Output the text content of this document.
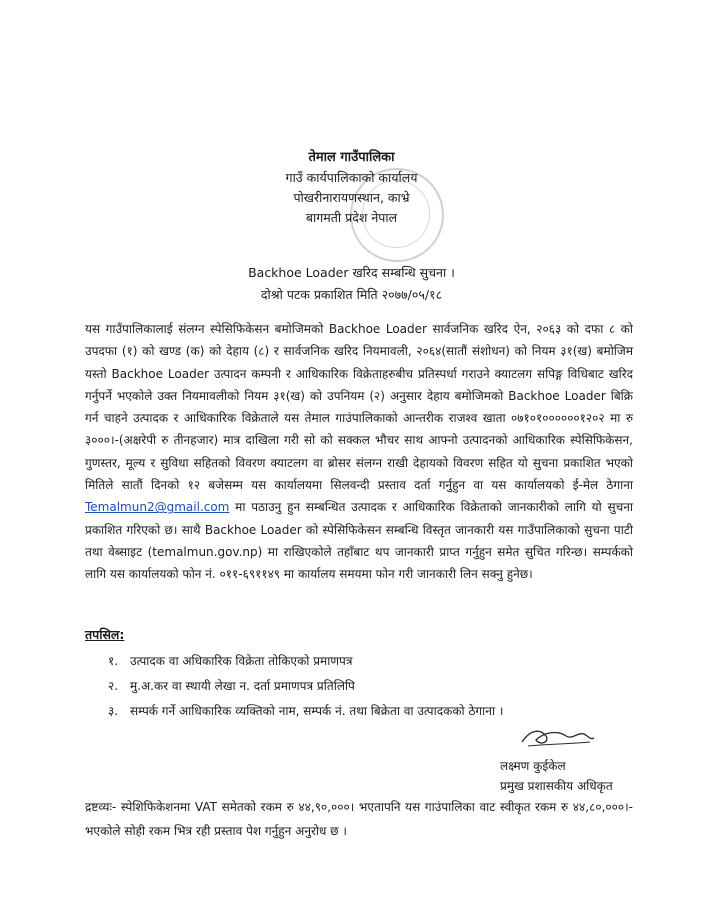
तेमाल गाउँपालिका
गाउँ कार्यपालिकाको कार्यालय
पोखरीनारायणस्थान, काभ्रे
बागमती प्रदेश नेपाल
Backhoe Loader खरिद सम्बन्धि सुचना ।
दोश्रो पटक प्रकाशित मिति २०७७/०५/१८
यस गाउँपालिकालाई संलग्न स्पेसिफिकेसन बमोजिमको Backhoe Loader सार्वजनिक खरिद ऐन, २०६३ को दफा ८ को उपदफा (१) को खण्ड (क) को देहाय (८) र सार्वजनिक खरिद नियमावली, २०६४(सातौं संशोधन) को नियम ३१(ख) बमोजिम यस्तो Backhoe Loader उत्पादन कम्पनी र आधिकारिक विक्रेताहरुबीच प्रतिस्पर्धा गराउने क्याटलग सपिङ्ग विधिबाट खरिद गर्नुपर्ने भएकोले उक्त नियमावलीको नियम ३१(ख) को उपनियम (२) अनुसार देहाय बमोजिमको Backhoe Loader बिक्रि गर्न चाहने उत्पादक र आधिकारिक विक्रेताले यस तेमाल गाउंपालिकाको आन्तरीक राजश्व खाता ०७१०१००००००१२०२ मा रु ३०००।-(अक्षरेपी रु तीनहजार) मात्र दाखिला गरी सो को सक्कल भौचर साथ आफ्नो उत्पादनको आधिकारिक स्पेसिफिकेसन, गुणस्तर, मूल्य र सुविधा सहितको विवरण क्याटलग वा ब्रोसर संलग्न राखी देहायको विवरण सहित यो सुचना प्रकाशित भएको मितिले सातौं दिनको १२ बजेसम्म यस कार्यालयमा सिलवन्दी प्रस्ताव दर्ता गर्नुहुन वा यस कार्यालयको ई-मेल ठेगाना Temalmun2@gmail.com मा पठाउनु हुन सम्बन्धित उत्पादक र आधिकारिक विक्रेताको जानकारीको लागि यो सुचना प्रकाशित गरिएको छ। साथै Backhoe Loader को स्पेसिफिकेसन सम्बन्धि विस्तृत जानकारी यस गाउँपालिकाको सुचना पाटी तथा वेब्साइट (temalmun.gov.np) मा राखिएकोले तहाँबाट थप जानकारी प्राप्त गर्नुहुन समेत सुचित गरिन्छ। सम्पर्कको लागि यस कार्यालयको फोन नं. ०११-६९११४९ मा कार्यालय समयमा फोन गरी जानकारी लिन सक्नु हुनेछ।
तपसिल:
१. उत्पादक वा अधिकारिक विक्रेता तोकिएको प्रमाणपत्र
२. मु.अ.कर वा स्थायी लेखा न. दर्ता प्रमाणपत्र प्रतिलिपि
३. सम्पर्क गर्ने आधिकारिक व्यक्तिको नाम, सम्पर्क नं. तथा बिक्रेता वा उत्पादकको ठेगाना ।
लक्ष्मण कुईकेल
प्रमुख प्रशासकीय अधिकृत
द्रष्टव्यः- स्पेशिफिकेशनमा VAT समेतको रकम रु ४४,९०,०००। भएतापनि यस गाउंपालिका वाट स्वीकृत रकम रु ४४,८०,०००।- भएकोले सोही रकम भित्र रही प्रस्ताव पेश गर्नुहुन अनुरोध छ ।
